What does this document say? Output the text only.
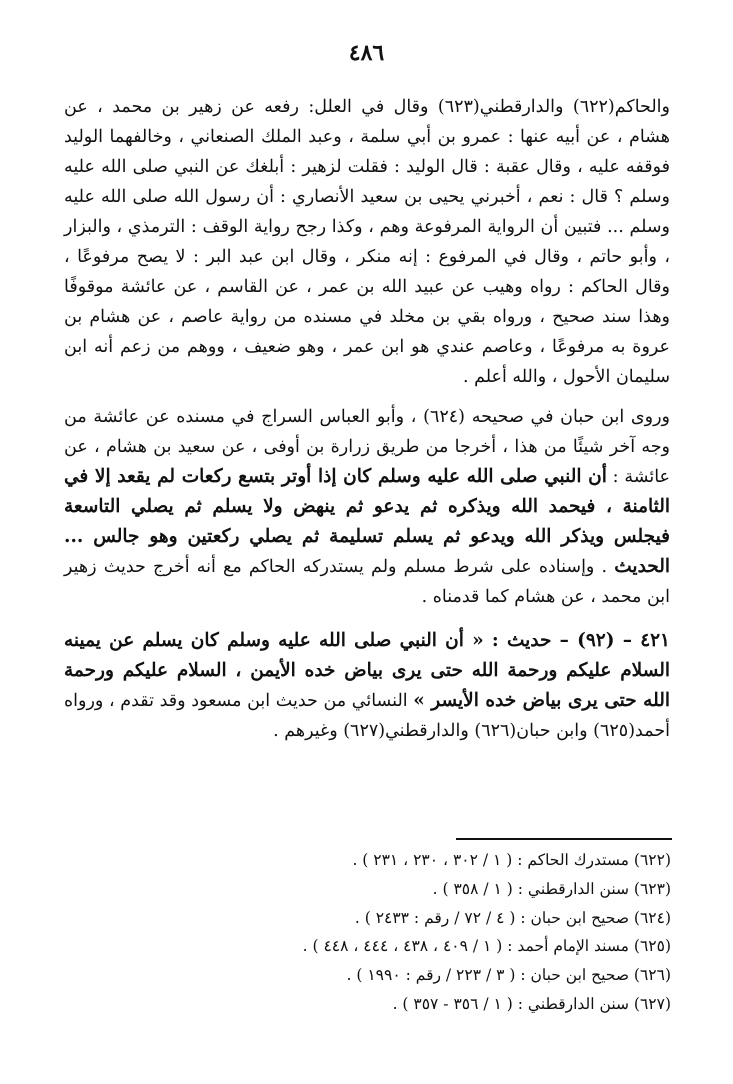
٤٨٦

والحاكم(٦٢٢) والدارقطني(٦٢٣) وقال في العلل: رفعه عن زهير بن محمد ، عن هشام ، عن أبيه عنها : عمرو بن أبي سلمة ، وعبد الملك الصنعاني ، وخالفهما الوليد فوقفه عليه ، وقال عقبة : قال الوليد : فقلت لزهير : أبلغك عن النبي صلى الله عليه وسلم ؟ قال : نعم ، أخبرني يحيى بن سعيد الأنصاري : أن رسول الله صلى الله عليه وسلم ... فتبين أن الرواية المرفوعة وهم ، وكذا رجح رواية الوقف : الترمذي ، والبزار ، وأبو حاتم ، وقال في المرفوع : إنه منكر ، وقال ابن عبد البر : لا يصح مرفوعًا ، وقال الحاكم : رواه وهيب عن عبيد الله بن عمر ، عن القاسم ، عن عائشة موقوفًا وهذا سند صحيح ، ورواه بقي بن مخلد في مسنده من رواية عاصم ، عن هشام بن عروة به مرفوعًا ، وعاصم عندي هو ابن عمر ، وهو ضعيف ، ووهم من زعم أنه ابن سليمان الأحول ، والله أعلم .

وروى ابن حبان في صحيحه (٦٢٤) ، وأبو العباس السراج في مسنده عن عائشة من وجه آخر شيئًا من هذا ، أخرجا من طريق زرارة بن أوفى ، عن سعيد بن هشام ، عن عائشة : أن النبي صلى الله عليه وسلم كان إذا أوتر بتسع ركعات لم يقعد إلا في الثامنة ، فيحمد الله ويذكره ثم يدعو ثم ينهض ولا يسلم ثم يصلي التاسعة فيجلس ويذكر الله ويدعو ثم يسلم تسليمة ثم يصلي ركعتين وهو جالس ... الحديث . وإسناده على شرط مسلم ولم يستدركه الحاكم مع أنه أخرج حديث زهير ابن محمد ، عن هشام كما قدمناه .

٤٢١ – (٩٢) – حديث : « أن النبي صلى الله عليه وسلم كان يسلم عن يمينه السلام عليكم ورحمة الله حتى يرى بياض خده الأيمن ، السلام عليكم ورحمة الله حتى يرى بياض خده الأيسر » النسائي من حديث ابن مسعود وقد تقدم ، ورواه أحمد(٦٢٥) وابن حبان(٦٢٦) والدارقطني(٦٢٧) وغيرهم .

(٦٢٢) مستدرك الحاكم : ( ١ / ٣٠٢ ، ٢٣٠ ، ٢٣١ ) .
(٦٢٣) سنن الدارقطني : ( ١ / ٣٥٨ ) .
(٦٢٤) صحيح ابن حبان : ( ٤ / ٧٢ / رقم : ٢٤٣٣ ) .
(٦٢٥) مسند الإمام أحمد : ( ١ / ٤٠٩ ، ٤٣٨ ، ٤٤٤ ، ٤٤٨ ) .
(٦٢٦) صحيح ابن حبان : ( ٣ / ٢٢٣ / رقم : ١٩٩٠ ) .
(٦٢٧) سنن الدارقطني : ( ١ / ٣٥٦ - ٣٥٧ ) .
